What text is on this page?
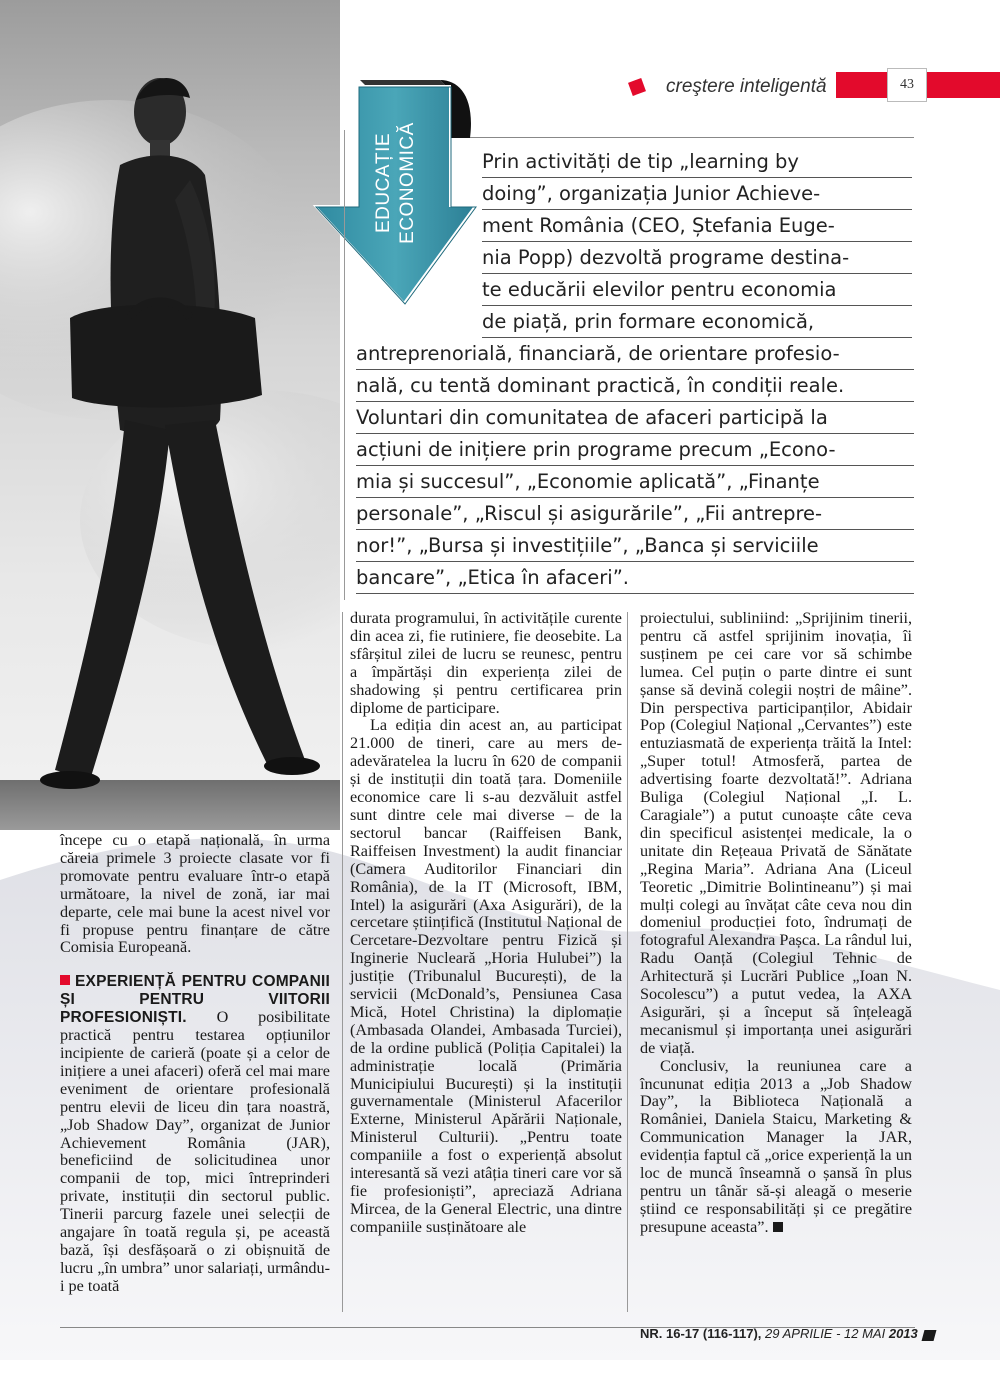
creştere inteligentă	43
EDUCAȚIE ECONOMICĂ	Prin activități de tip „learning by
doing”, organizația Junior Achieve-
ment România (CEO, Ștefania Euge-
nia Popp) dezvoltă programe destina-
te educării elevilor pentru economia
de piață, prin formare economică,
antreprenorială, financiară, de orientare profesio-
nală, cu tentă dominant practică, în condiții reale.
Voluntari din comunitatea de afaceri participă la
acțiuni de inițiere prin programe precum „Econo-
mia și succesul”, „Economie aplicată”, „Finanțe
personale”, „Riscul și asigurările”, „Fii antrepre-
nor!”, „Bursa și investițiile”, „Banca și serviciile
bancare”, „Etica în afaceri”.

începe cu o etapă națională, în urma căreia primele 3 proiecte clasate vor fi promovate pentru evaluare într-o etapă următoare, la nivel de zonă, iar mai departe, cele mai bune la acest nivel vor fi propuse pentru finanțare de către Comisia Europeană.

EXPERIENȚĂ PENTRU COMPANII ȘI PENTRU VIITORII PROFESIONIȘTI. O posibilitate practică pentru testarea opțiunilor incipiente de carieră (poate și a celor de inițiere a unei afaceri) oferă cel mai mare eveniment de orientare profesională pentru elevii de liceu din țara noastră, „Job Shadow Day”, organizat de Junior Achievement România (JAR), beneficiind de solicitudinea unor companii de top, mici întreprinderi private, instituții din sectorul public. Tinerii parcurg fazele unei selecții de angajare în toată regula și, pe această bază, își desfășoară o zi obișnuită de lucru „în umbra” unor salariați, urmându-i pe toată

durata programului, în activitățile curente din acea zi, fie rutiniere, fie deosebite. La sfârșitul zilei de lucru se reunesc, pentru a împărtăși din experiența zilei de shadowing și pentru certificarea prin diplome de participare.

La ediția din acest an, au participat 21.000 de tineri, care au mers de-adevăratelea la lucru în 620 de companii și de instituții din toată țara. Domeniile economice care li s-au dezvăluit astfel sunt dintre cele mai diverse – de la sectorul bancar (Raiffeisen Bank, Raiffeisen Investment) la audit financiar (Camera Auditorilor Financiari din România), de la IT (Microsoft, IBM, Intel) la asigurări (Axa Asigurări), de la cercetare științifică (Institutul Național de Cercetare-Dezvoltare pentru Fizică și Inginerie Nucleară „Horia Hulubei”) la justiție (Tribunalul București), de la servicii (McDonald’s, Pensiunea Casa Mică, Hotel Christina) la diplomație (Ambasada Olandei, Ambasada Turciei), de la ordine publică (Poliția Capitalei) la administrație locală (Primăria Municipiului București) și la instituții guvernamentale (Ministerul Afacerilor Externe, Ministerul Apărării Naționale, Ministerul Culturii). „Pentru toate companiile a fost o experiență absolut interesantă să vezi atâția tineri care vor să fie profesioniști”, apreciază Adriana Mircea, de la General Electric, una dintre companiile susținătoare ale

proiectului, subliniind: „Sprijinim tinerii, pentru că astfel sprijinim inovația, îi susținem pe cei care vor să schimbe lumea. Cel puțin o parte dintre ei sunt șanse să devină colegii noștri de mâine”. Din perspectiva participanților, Abidair Pop (Colegiul Național „Cervantes”) este entuziasmată de experiența trăită la Intel: „Super totul! Atmosferă, partea de advertising foarte dezvoltată!”. Adriana Buliga (Colegiul Național „I. L. Caragiale”) a putut cunoaște câte ceva din specificul asistenței medicale, la o unitate din Rețeaua Privată de Sănătate „Regina Maria”. Adriana Ana (Liceul Teoretic „Dimitrie Bolintineanu”) și mai mulți colegi au învățat câte ceva nou din domeniul producției foto, îndrumați de fotograful Alexandra Pașca. La rândul lui, Radu Oanță (Colegiul Tehnic de Arhitectură și Lucrări Publice „Ioan N. Socolescu”) a putut vedea, la AXA Asigurări, și a început să înțeleagă mecanismul și importanța unei asigurări de viață.

Conclusiv, la reuniunea care a încununat ediția 2013 a „Job Shadow Day”, la Biblioteca Națională a României, Daniela Staicu, Marketing & Communication Manager la JAR, evidenția faptul că „orice experiență la un loc de muncă înseamnă o șansă în plus pentru un tânăr să-și aleagă o meserie știind ce responsabilități și ce pregătire presupune aceasta”.

NR. 16-17 (116-117), 29 APRILIE - 12 MAI 2013
